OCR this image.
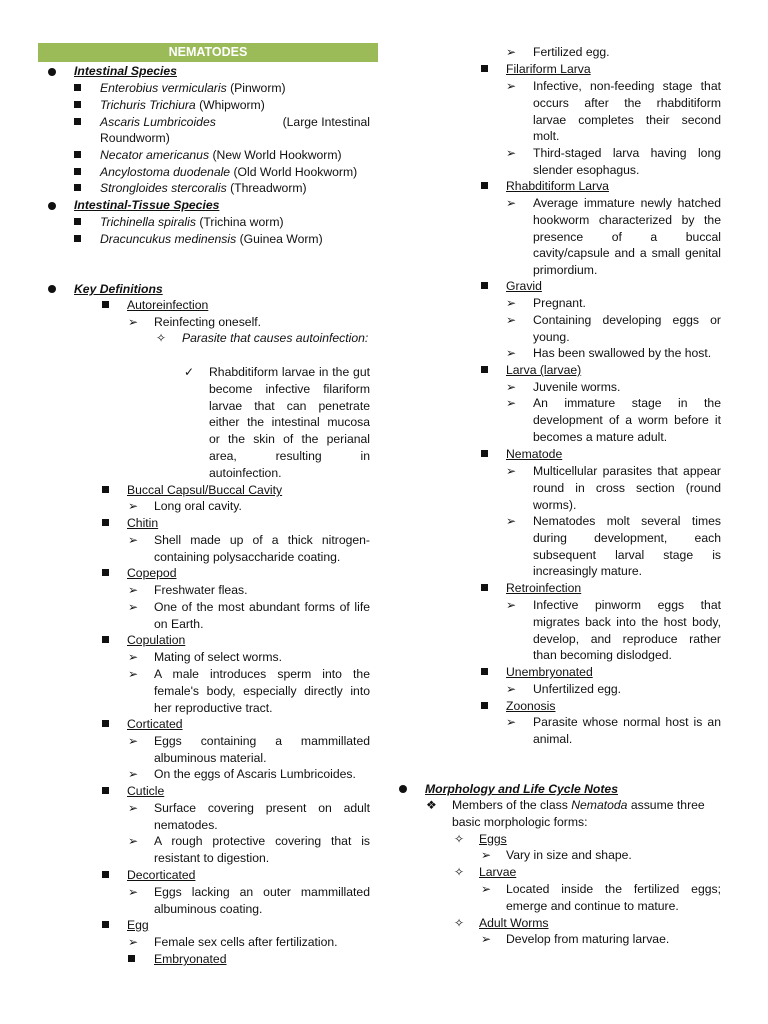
NEMATODES
Intestinal Species
Enterobius vermicularis (Pinworm)
Trichuris Trichiura (Whipworm)
Ascaris Lumbricoides	(Large Intestinal
Roundworm)
Necator americanus (New World Hookworm)
Ancylostoma duodenale (Old World Hookworm)
Strongloides stercoralis (Threadworm)
Intestinal-Tissue Species
Trichinella spiralis (Trichina worm)
Dracuncukus medinensis (Guinea Worm)
Key Definitions
Autoreinfection
➢ Reinfecting oneself.
✧ Parasite that causes autoinfection:
✓ Rhabditiform larvae in the gut become infective filariform larvae that can penetrate either the intestinal mucosa or the skin of the perianal area, resulting in autoinfection.
Buccal Capsul/Buccal Cavity
➢ Long oral cavity.
Chitin
➢ Shell made up of a thick nitrogen-containing polysaccharide coating.
Copepod
➢ Freshwater fleas.
➢ One of the most abundant forms of life on Earth.
Copulation
➢ Mating of select worms.
➢ A male introduces sperm into the female's body, especially directly into her reproductive tract.
Corticated
➢ Eggs containing a mammillated albuminous material.
➢ On the eggs of Ascaris Lumbricoides.
Cuticle
➢ Surface covering present on adult nematodes.
➢ A rough protective covering that is resistant to digestion.
Decorticated
➢ Eggs lacking an outer mammillated albuminous coating.
Egg
➢ Female sex cells after fertilization.
Embryonated
➢ Fertilized egg.
Filariform Larva
➢ Infective, non-feeding stage that occurs after the rhabditiform larvae completes their second molt.
➢ Third-staged larva having long slender esophagus.
Rhabditiform Larva
➢ Average immature newly hatched hookworm characterized by the presence of a buccal cavity/capsule and a small genital primordium.
Gravid
➢ Pregnant.
➢ Containing developing eggs or young.
➢ Has been swallowed by the host.
Larva (larvae)
➢ Juvenile worms.
➢ An immature stage in the development of a worm before it becomes a mature adult.
Nematode
➢ Multicellular parasites that appear round in cross section (round worms).
➢ Nematodes molt several times during development, each subsequent larval stage is increasingly mature.
Retroinfection
➢ Infective pinworm eggs that migrates back into the host body, develop, and reproduce rather than becoming dislodged.
Unembryonated
➢ Unfertilized egg.
Zoonosis
➢ Parasite whose normal host is an animal.
Morphology and Life Cycle Notes
❖ Members of the class Nematoda assume three basic morphologic forms:
✧ Eggs
➢ Vary in size and shape.
✧ Larvae
➢ Located inside the fertilized eggs; emerge and continue to mature.
✧ Adult Worms
➢ Develop from maturing larvae.
